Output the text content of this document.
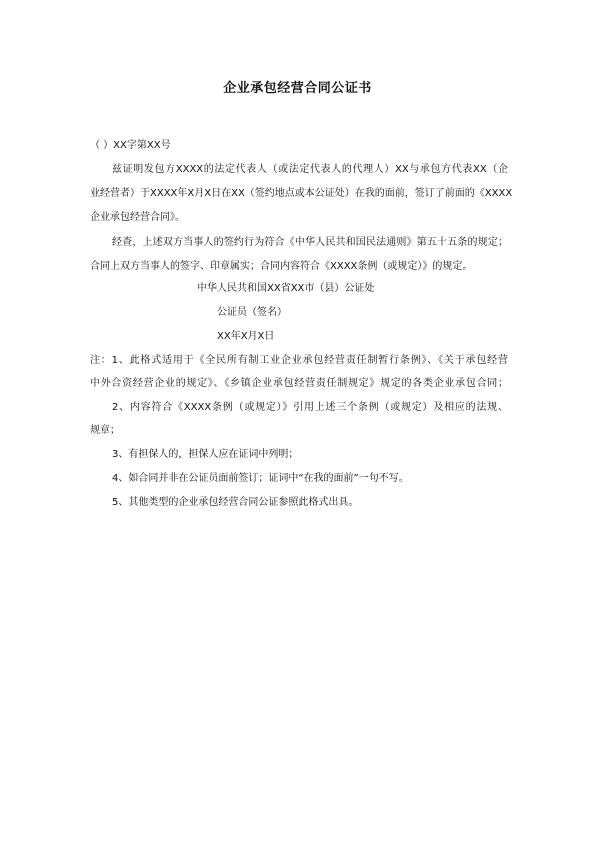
企业承包经营合同公证书
（ ）XX字第XX号
兹证明发包方XXXX的法定代表人（或法定代表人的代理人）XX与承包方代表XX（企
业经营者）于XXXX年X月X日在XX（签约地点或本公证处）在我的面前，签订了前面的《XXXX
企业承包经营合同》。
经查，上述双方当事人的签约行为符合《中华人民共和国民法通则》第五十五条的规定；
合同上双方当事人的签字、印章属实；合同内容符合《XXXX条例（或规定）》的规定。
中华人民共和国XX省XX市（县）公证处
公证员（签名）
XX年X月X日
注：1、此格式适用于《全民所有制工业企业承包经营责任制暂行条例》、《关于承包经营
中外合资经营企业的规定》、《乡镇企业承包经营责任制规定》规定的各类企业承包合同；
2、内容符合《XXXX条例（或规定）》引用上述三个条例（或规定）及相应的法规、
规章；
3、有担保人的，担保人应在证词中列明；
4、如合同并非在公证员面前签订；证词中“在我的面前”一句不写。
5、其他类型的企业承包经营合同公证参照此格式出具。
